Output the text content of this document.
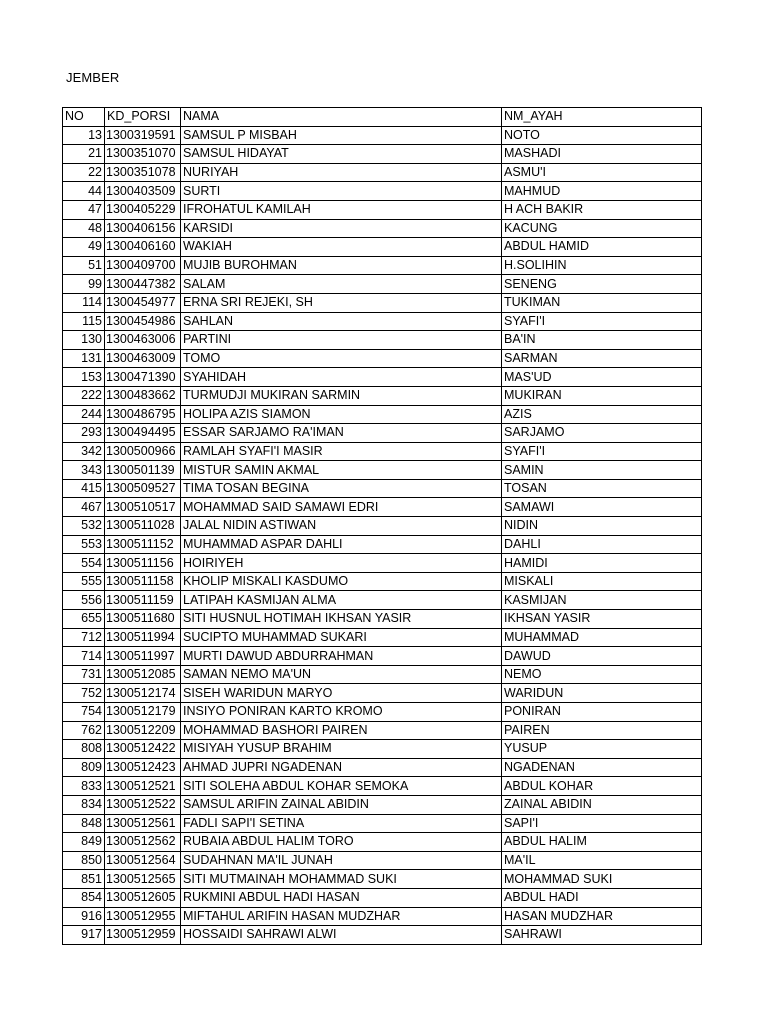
JEMBER
NO	KD_PORSI	NAMA	NM_AYAH
13	1300319591	SAMSUL P MISBAH	NOTO
21	1300351070	SAMSUL HIDAYAT	MASHADI
22	1300351078	NURIYAH	ASMU'I
44	1300403509	SURTI	MAHMUD
47	1300405229	IFROHATUL KAMILAH	H ACH BAKIR
48	1300406156	KARSIDI	KACUNG
49	1300406160	WAKIAH	ABDUL HAMID
51	1300409700	MUJIB BUROHMAN	H.SOLIHIN
99	1300447382	SALAM	SENENG
114	1300454977	ERNA SRI REJEKI, SH	TUKIMAN
115	1300454986	SAHLAN	SYAFI'I
130	1300463006	PARTINI	BA'IN
131	1300463009	TOMO	SARMAN
153	1300471390	SYAHIDAH	MAS'UD
222	1300483662	TURMUDJI MUKIRAN SARMIN	MUKIRAN
244	1300486795	HOLIPA AZIS SIAMON	AZIS
293	1300494495	ESSAR SARJAMO RA'IMAN	SARJAMO
342	1300500966	RAMLAH SYAFI'I MASIR	SYAFI'I
343	1300501139	MISTUR SAMIN AKMAL	SAMIN
415	1300509527	TIMA TOSAN BEGINA	TOSAN
467	1300510517	MOHAMMAD SAID SAMAWI EDRI	SAMAWI
532	1300511028	JALAL NIDIN ASTIWAN	NIDIN
553	1300511152	MUHAMMAD ASPAR DAHLI	DAHLI
554	1300511156	HOIRIYEH	HAMIDI
555	1300511158	KHOLIP MISKALI KASDUMO	MISKALI
556	1300511159	LATIPAH KASMIJAN ALMA	KASMIJAN
655	1300511680	SITI HUSNUL HOTIMAH IKHSAN YASIR	IKHSAN YASIR
712	1300511994	SUCIPTO MUHAMMAD SUKARI	MUHAMMAD
714	1300511997	MURTI DAWUD ABDURRAHMAN	DAWUD
731	1300512085	SAMAN NEMO MA'UN	NEMO
752	1300512174	SISEH WARIDUN MARYO	WARIDUN
754	1300512179	INSIYO PONIRAN KARTO KROMO	PONIRAN
762	1300512209	MOHAMMAD BASHORI PAIREN	PAIREN
808	1300512422	MISIYAH YUSUP BRAHIM	YUSUP
809	1300512423	AHMAD JUPRI NGADENAN	NGADENAN
833	1300512521	SITI SOLEHA ABDUL KOHAR SEMOKA	ABDUL KOHAR
834	1300512522	SAMSUL ARIFIN ZAINAL ABIDIN	ZAINAL ABIDIN
848	1300512561	FADLI SAPI'I SETINA	SAPI'I
849	1300512562	RUBAIA ABDUL HALIM TORO	ABDUL HALIM
850	1300512564	SUDAHNAN MA'IL JUNAH	MA'IL
851	1300512565	SITI MUTMAINAH MOHAMMAD SUKI	MOHAMMAD SUKI
854	1300512605	RUKMINI ABDUL HADI HASAN	ABDUL HADI
916	1300512955	MIFTAHUL ARIFIN HASAN MUDZHAR	HASAN MUDZHAR
917	1300512959	HOSSAIDI SAHRAWI ALWI	SAHRAWI
